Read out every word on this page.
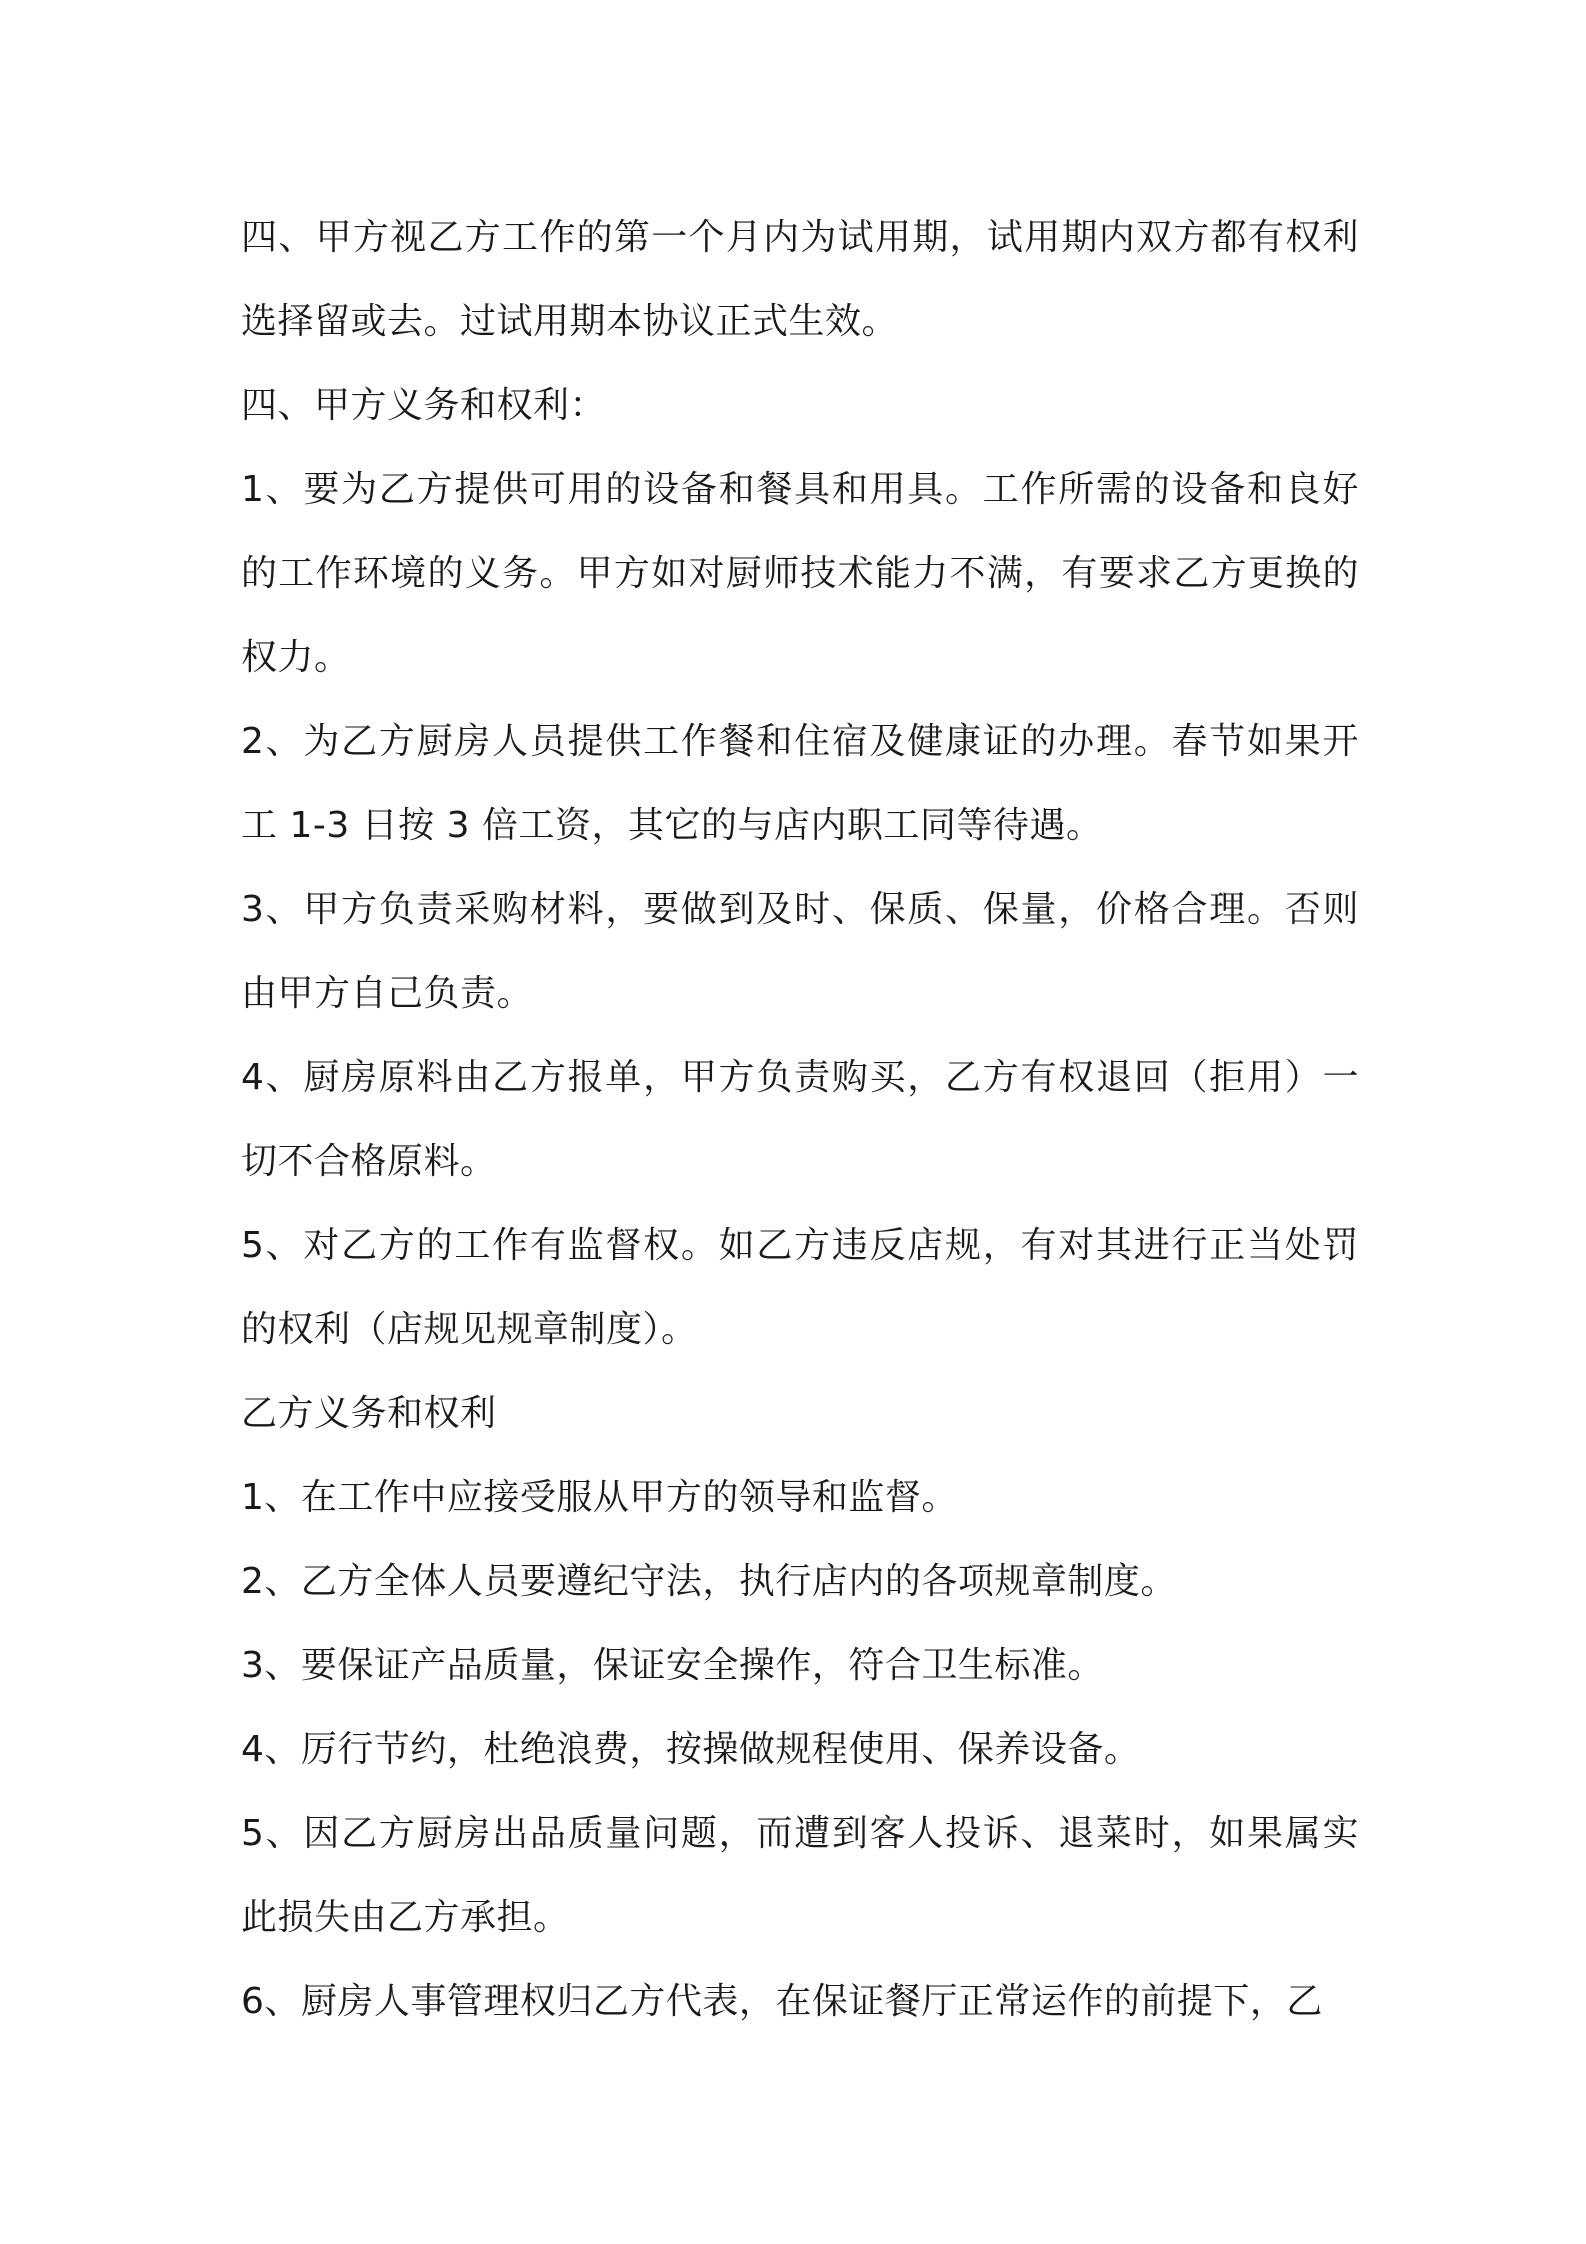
四、甲方视乙方工作的第一个月内为试用期，试用期内双方都有权利选择留或去。过试用期本协议正式生效。

四、甲方义务和权利：

1、要为乙方提供可用的设备和餐具和用具。工作所需的设备和良好的工作环境的义务。甲方如对厨师技术能力不满，有要求乙方更换的权力。

2、为乙方厨房人员提供工作餐和住宿及健康证的办理。春节如果开工 1-3 日按 3 倍工资，其它的与店内职工同等待遇。

3、甲方负责采购材料，要做到及时、保质、保量，价格合理。否则由甲方自己负责。

4、厨房原料由乙方报单，甲方负责购买，乙方有权退回（拒用）一切不合格原料。

5、对乙方的工作有监督权。如乙方违反店规，有对其进行正当处罚的权利（店规见规章制度）。

乙方义务和权利

1、在工作中应接受服从甲方的领导和监督。

2、乙方全体人员要遵纪守法，执行店内的各项规章制度。

3、要保证产品质量，保证安全操作，符合卫生标准。

4、厉行节约，杜绝浪费，按操做规程使用、保养设备。

5、因乙方厨房出品质量问题，而遭到客人投诉、退菜时，如果属实此损失由乙方承担。

6、厨房人事管理权归乙方代表，在保证餐厅正常运作的前提下，乙
